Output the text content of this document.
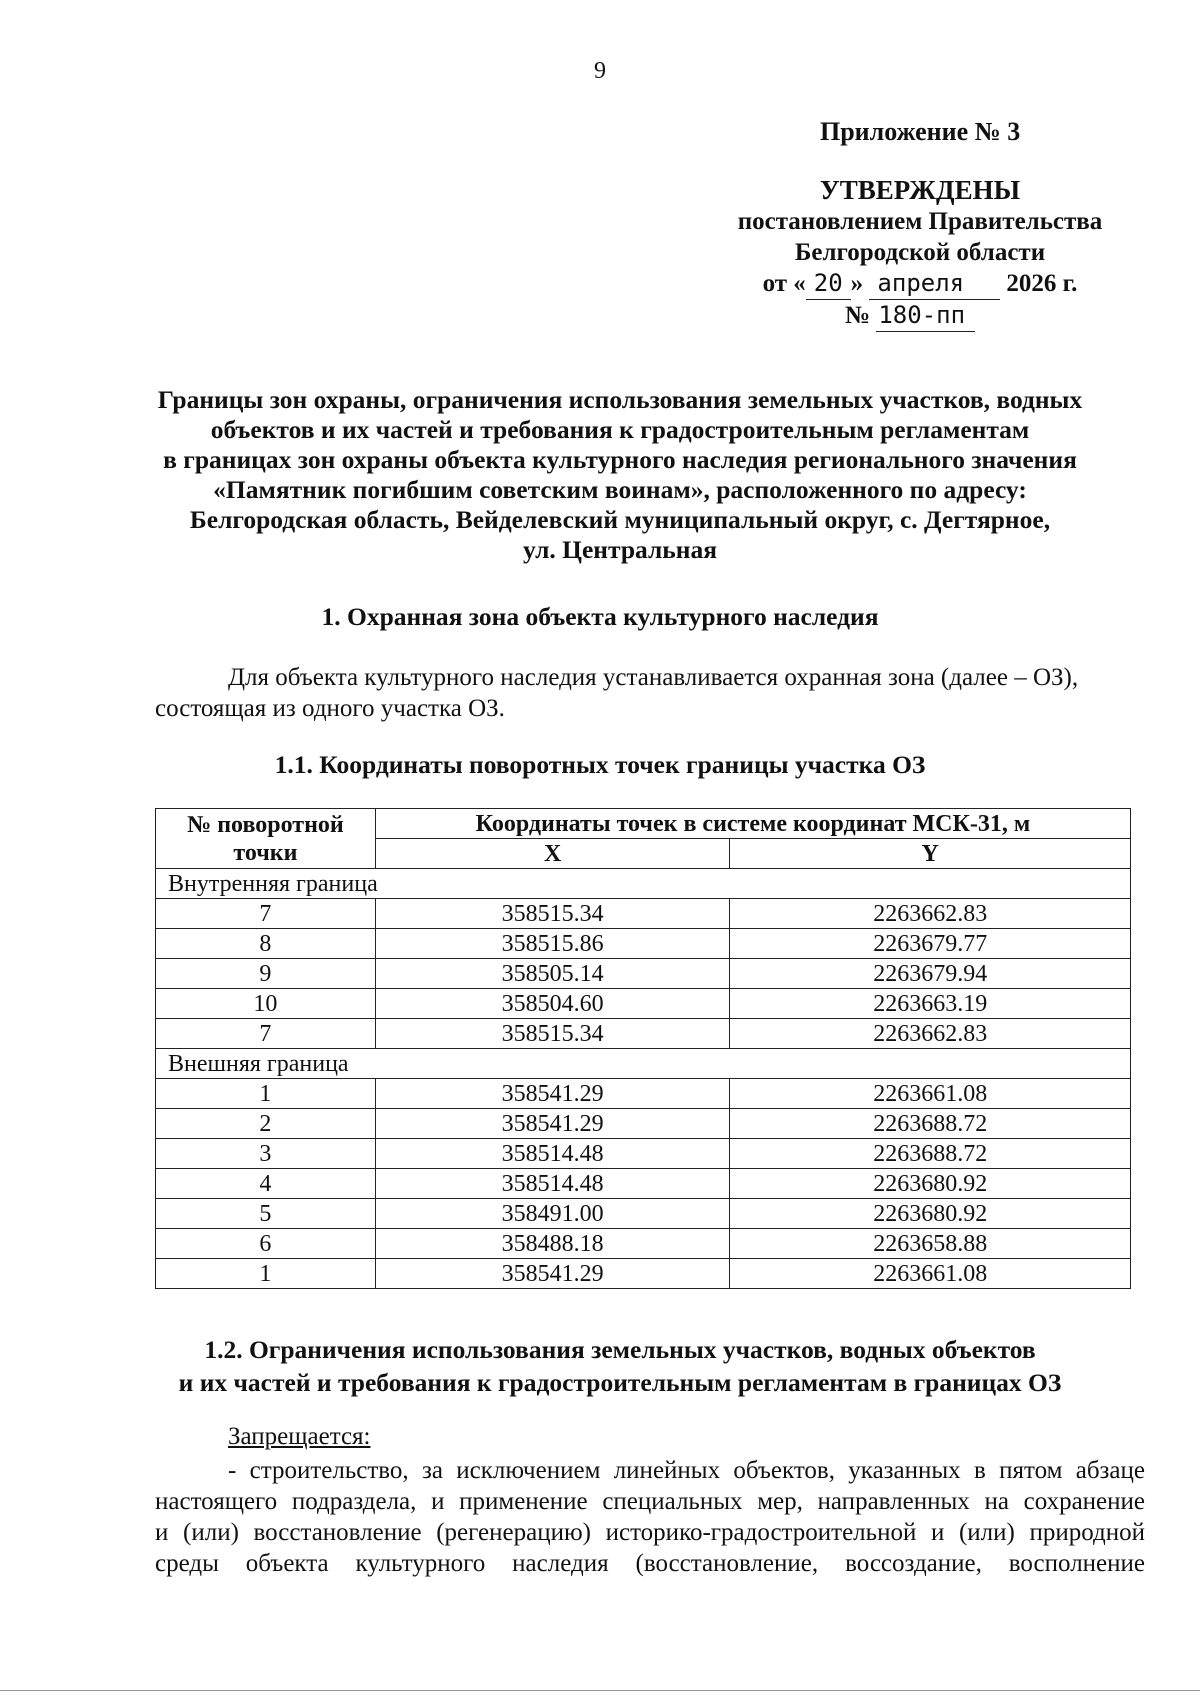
9
Приложение № 3
УТВЕРЖДЕНЫ
постановлением Правительства
Белгородской области
от « 20 » апреля 2026 г.
№ 180-пп
Границы зон охраны, ограничения использования земельных участков, водных
объектов и их частей и требования к градостроительным регламентам
в границах зон охраны объекта культурного наследия регионального значения
«Памятник погибшим советским воинам», расположенного по адресу:
Белгородская область, Вейделевский муниципальный округ, с. Дегтярное,
ул. Центральная
1. Охранная зона объекта культурного наследия
Для объекта культурного наследия устанавливается охранная зона (далее – ОЗ),
состоящая из одного участка ОЗ.
1.1. Координаты поворотных точек границы участка ОЗ
№ поворотной точки	Координаты точек в системе координат МСК-31, м	
	X	Y
Внутренняя граница		
7	358515.34	2263662.83
8	358515.86	2263679.77
9	358505.14	2263679.94
10	358504.60	2263663.19
7	358515.34	2263662.83
Внешняя граница		
1	358541.29	2263661.08
2	358541.29	2263688.72
3	358514.48	2263688.72
4	358514.48	2263680.92
5	358491.00	2263680.92
6	358488.18	2263658.88
1	358541.29	2263661.08
1.2. Ограничения использования земельных участков, водных объектов
и их частей и требования к градостроительным регламентам в границах ОЗ
Запрещается:
- строительство, за исключением линейных объектов, указанных в пятом абзаце
настоящего подраздела, и применение специальных мер, направленных на сохранение
и (или) восстановление (регенерацию) историко-градостроительной и (или) природной
среды объекта культурного наследия (восстановление, воссоздание, восполнение
